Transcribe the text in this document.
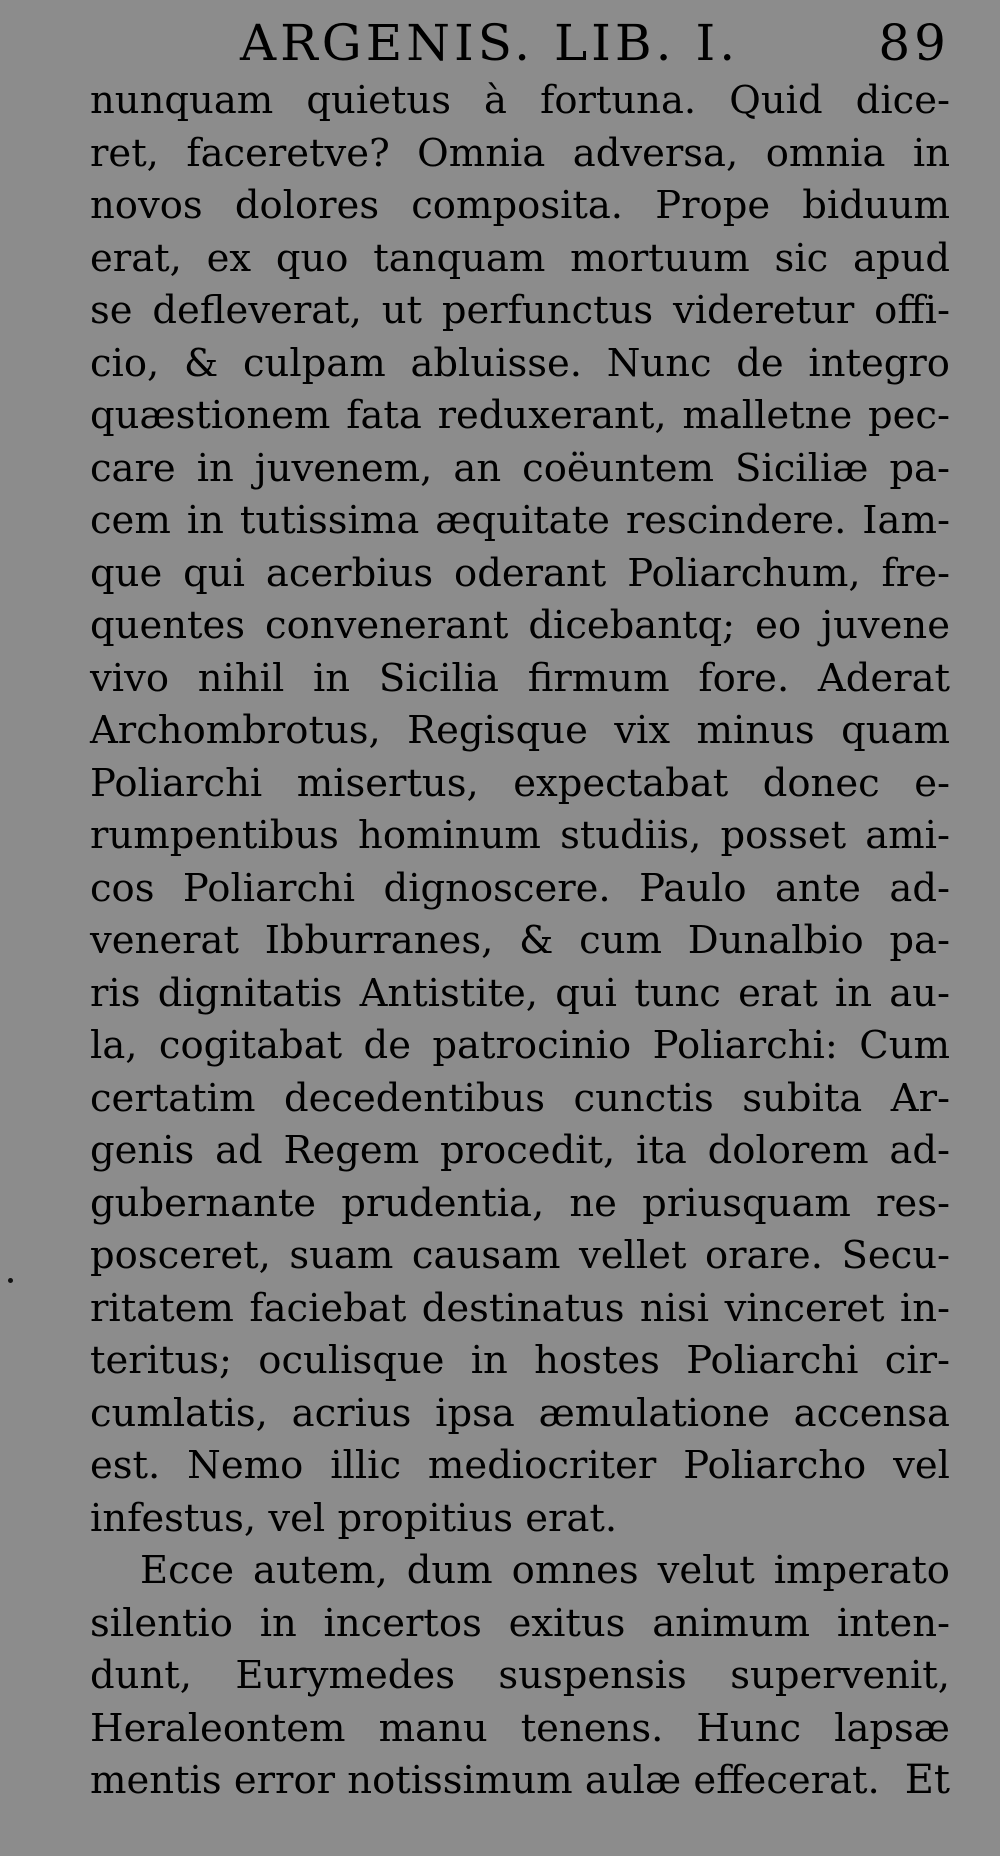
ARGENIS. LIB. I.	89
nunquam quietus à fortuna. Quid dice-
ret, faceretve? Omnia adversa, omnia in
novos dolores composita. Prope biduum
erat, ex quo tanquam mortuum sic apud
se defleverat, ut perfunctus videretur offi-
cio, & culpam abluisse. Nunc de integro
quæstionem fata reduxerant, malletne pec-
care in juvenem, an coëuntem Siciliæ pa-
cem in tutissima æquitate rescindere. Iam-
que qui acerbius oderant Poliarchum, fre-
quentes convenerant dicebantq; eo juvene
vivo nihil in Sicilia firmum fore. Aderat
Archombrotus, Regisque vix minus quam
Poliarchi misertus, expectabat donec e-
rumpentibus hominum studiis, posset ami-
cos Poliarchi dignoscere. Paulo ante ad-
venerat Ibburranes, & cum Dunalbio pa-
ris dignitatis Antistite, qui tunc erat in au-
la, cogitabat de patrocinio Poliarchi: Cum
certatim decedentibus cunctis subita Ar-
genis ad Regem procedit, ita dolorem ad-
gubernante prudentia, ne priusquam res-
posceret, suam causam vellet orare. Secu-
ritatem faciebat destinatus nisi vinceret in-
teritus; oculisque in hostes Poliarchi cir-
cumlatis, acrius ipsa æmulatione accensa
est. Nemo illic mediocriter Poliarcho vel
infestus, vel propitius erat.
Ecce autem, dum omnes velut imperato
silentio in incertos exitus animum inten-
dunt, Eurymedes suspensis supervenit,
Heraleontem manu tenens. Hunc lapsæ
mentis error notissimum aulæ effecerat. Et
